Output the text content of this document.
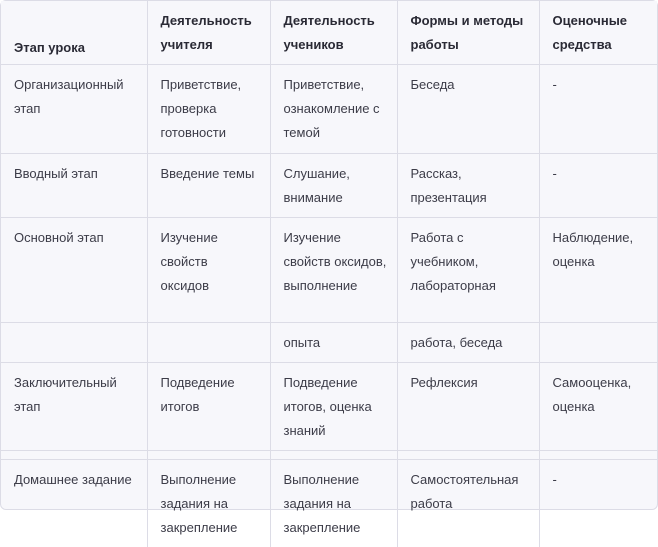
Этап урока	Деятельность учителя	Деятельность учеников	Формы и методы работы	Оценочные средства
Организационный этап	Приветствие, проверка готовности	Приветствие, ознакомление с темой	Беседа	-
Вводный этап	Введение темы	Слушание, внимание	Рассказ, презентация	-
Основной этап	Изучение свойств оксидов	Изучение свойств оксидов, выполнение	Работа с учебником, лабораторная	Наблюдение, оценка
		опыта	работа, беседа	
Заключительный этап	Подведение итогов	Подведение итогов, оценка знаний	Рефлексия	Самооценка, оценка

Домашнее задание	Выполнение задания на закрепление	Выполнение задания на закрепление	Самостоятельная работа	-
